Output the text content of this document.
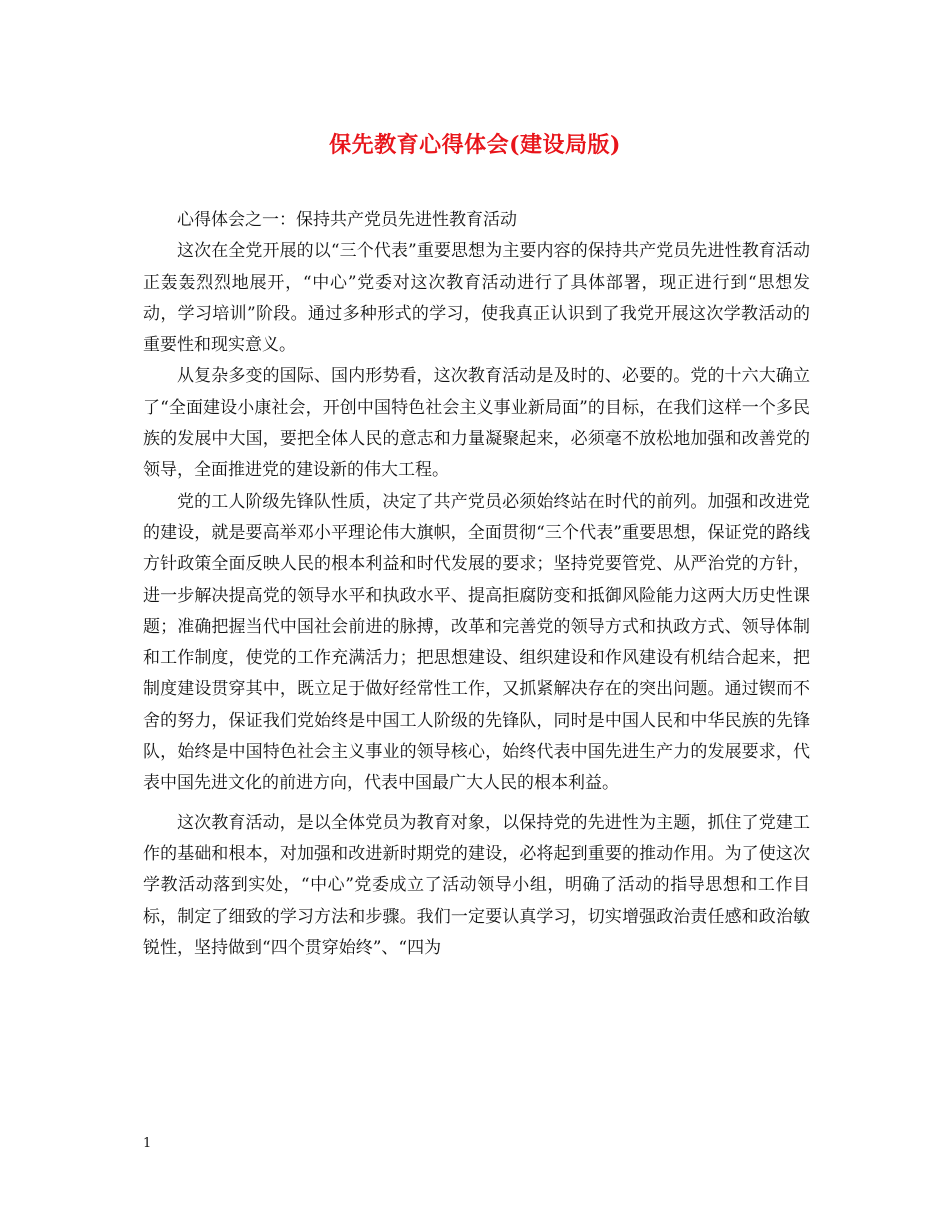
保先教育心得体会(建设局版)

心得体会之一：保持共产党员先进性教育活动

这次在全党开展的以“三个代表”重要思想为主要内容的保持共产党员先进性教育活动正轰轰烈烈地展开，“中心”党委对这次教育活动进行了具体部署，现正进行到“思想发动，学习培训”阶段。通过多种形式的学习，使我真正认识到了我党开展这次学教活动的重要性和现实意义。

从复杂多变的国际、国内形势看，这次教育活动是及时的、必要的。党的十六大确立了“全面建设小康社会，开创中国特色社会主义事业新局面”的目标，在我们这样一个多民族的发展中大国，要把全体人民的意志和力量凝聚起来，必须毫不放松地加强和改善党的领导，全面推进党的建设新的伟大工程。

党的工人阶级先锋队性质，决定了共产党员必须始终站在时代的前列。加强和改进党的建设，就是要高举邓小平理论伟大旗帜，全面贯彻“三个代表”重要思想，保证党的路线方针政策全面反映人民的根本利益和时代发展的要求；坚持党要管党、从严治党的方针，进一步解决提高党的领导水平和执政水平、提高拒腐防变和抵御风险能力这两大历史性课题；准确把握当代中国社会前进的脉搏，改革和完善党的领导方式和执政方式、领导体制和工作制度，使党的工作充满活力；把思想建设、组织建设和作风建设有机结合起来，把制度建设贯穿其中，既立足于做好经常性工作，又抓紧解决存在的突出问题。通过锲而不舍的努力，保证我们党始终是中国工人阶级的先锋队，同时是中国人民和中华民族的先锋队，始终是中国特色社会主义事业的领导核心，始终代表中国先进生产力的发展要求，代表中国先进文化的前进方向，代表中国最广大人民的根本利益。

这次教育活动，是以全体党员为教育对象，以保持党的先进性为主题，抓住了党建工作的基础和根本，对加强和改进新时期党的建设，必将起到重要的推动作用。为了使这次学教活动落到实处，“中心”党委成立了活动领导小组，明确了活动的指导思想和工作目标，制定了细致的学习方法和步骤。我们一定要认真学习，切实增强政治责任感和政治敏锐性，坚持做到“四个贯穿始终”、“四为

1
